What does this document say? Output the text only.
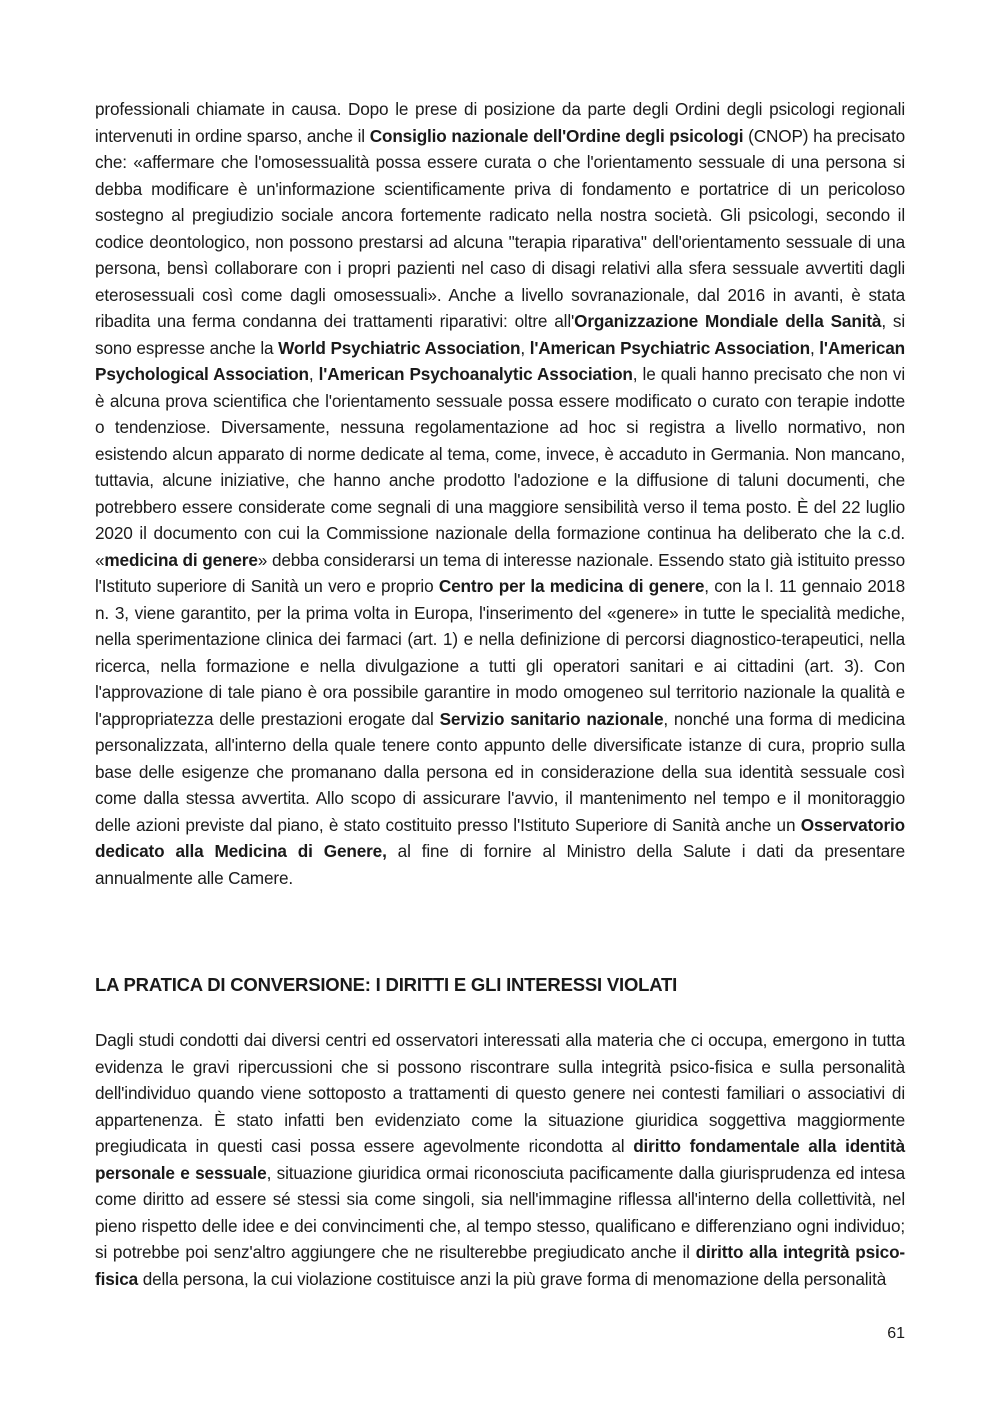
professionali chiamate in causa. Dopo le prese di posizione da parte degli Ordini degli psicologi regionali intervenuti in ordine sparso, anche il Consiglio nazionale dell'Ordine degli psicologi (CNOP) ha precisato che: «affermare che l'omosessualità possa essere curata o che l'orientamento sessuale di una persona si debba modificare è un'informazione scientificamente priva di fondamento e portatrice di un pericoloso sostegno al pregiudizio sociale ancora fortemente radicato nella nostra società. Gli psicologi, secondo il codice deontologico, non possono prestarsi ad alcuna "terapia riparativa" dell'orientamento sessuale di una persona, bensì collaborare con i propri pazienti nel caso di disagi relativi alla sfera sessuale avvertiti dagli eterosessuali così come dagli omosessuali». Anche a livello sovranazionale, dal 2016 in avanti, è stata ribadita una ferma condanna dei trattamenti riparativi: oltre all'Organizzazione Mondiale della Sanità, si sono espresse anche la World Psychiatric Association, l'American Psychiatric Association, l'American Psychological Association, l'American Psychoanalytic Association, le quali hanno precisato che non vi è alcuna prova scientifica che l'orientamento sessuale possa essere modificato o curato con terapie indotte o tendenziose. Diversamente, nessuna regolamentazione ad hoc si registra a livello normativo, non esistendo alcun apparato di norme dedicate al tema, come, invece, è accaduto in Germania. Non mancano, tuttavia, alcune iniziative, che hanno anche prodotto l'adozione e la diffusione di taluni documenti, che potrebbero essere considerate come segnali di una maggiore sensibilità verso il tema posto. È del 22 luglio 2020 il documento con cui la Commissione nazionale della formazione continua ha deliberato che la c.d. «medicina di genere» debba considerarsi un tema di interesse nazionale. Essendo stato già istituito presso l'Istituto superiore di Sanità un vero e proprio Centro per la medicina di genere, con la l. 11 gennaio 2018 n. 3, viene garantito, per la prima volta in Europa, l'inserimento del «genere» in tutte le specialità mediche, nella sperimentazione clinica dei farmaci (art. 1) e nella definizione di percorsi diagnostico-terapeutici, nella ricerca, nella formazione e nella divulgazione a tutti gli operatori sanitari e ai cittadini (art. 3). Con l'approvazione di tale piano è ora possibile garantire in modo omogeneo sul territorio nazionale la qualità e l'appropriatezza delle prestazioni erogate dal Servizio sanitario nazionale, nonché una forma di medicina personalizzata, all'interno della quale tenere conto appunto delle diversificate istanze di cura, proprio sulla base delle esigenze che promanano dalla persona ed in considerazione della sua identità sessuale così come dalla stessa avvertita. Allo scopo di assicurare l'avvio, il mantenimento nel tempo e il monitoraggio delle azioni previste dal piano, è stato costituito presso l'Istituto Superiore di Sanità anche un Osservatorio dedicato alla Medicina di Genere, al fine di fornire al Ministro della Salute i dati da presentare annualmente alle Camere.

LA PRATICA DI CONVERSIONE: I DIRITTI E GLI INTERESSI VIOLATI

Dagli studi condotti dai diversi centri ed osservatori interessati alla materia che ci occupa, emergono in tutta evidenza le gravi ripercussioni che si possono riscontrare sulla integrità psico-fisica e sulla personalità dell'individuo quando viene sottoposto a trattamenti di questo genere nei contesti familiari o associativi di appartenenza. È stato infatti ben evidenziato come la situazione giuridica soggettiva maggiormente pregiudicata in questi casi possa essere agevolmente ricondotta al diritto fondamentale alla identità personale e sessuale, situazione giuridica ormai riconosciuta pacificamente dalla giurisprudenza ed intesa come diritto ad essere sé stessi sia come singoli, sia nell'immagine riflessa all'interno della collettività, nel pieno rispetto delle idee e dei convincimenti che, al tempo stesso, qualificano e differenziano ogni individuo; si potrebbe poi senz'altro aggiungere che ne risulterebbe pregiudicato anche il diritto alla integrità psico-fisica della persona, la cui violazione costituisce anzi la più grave forma di menomazione della personalità

61
